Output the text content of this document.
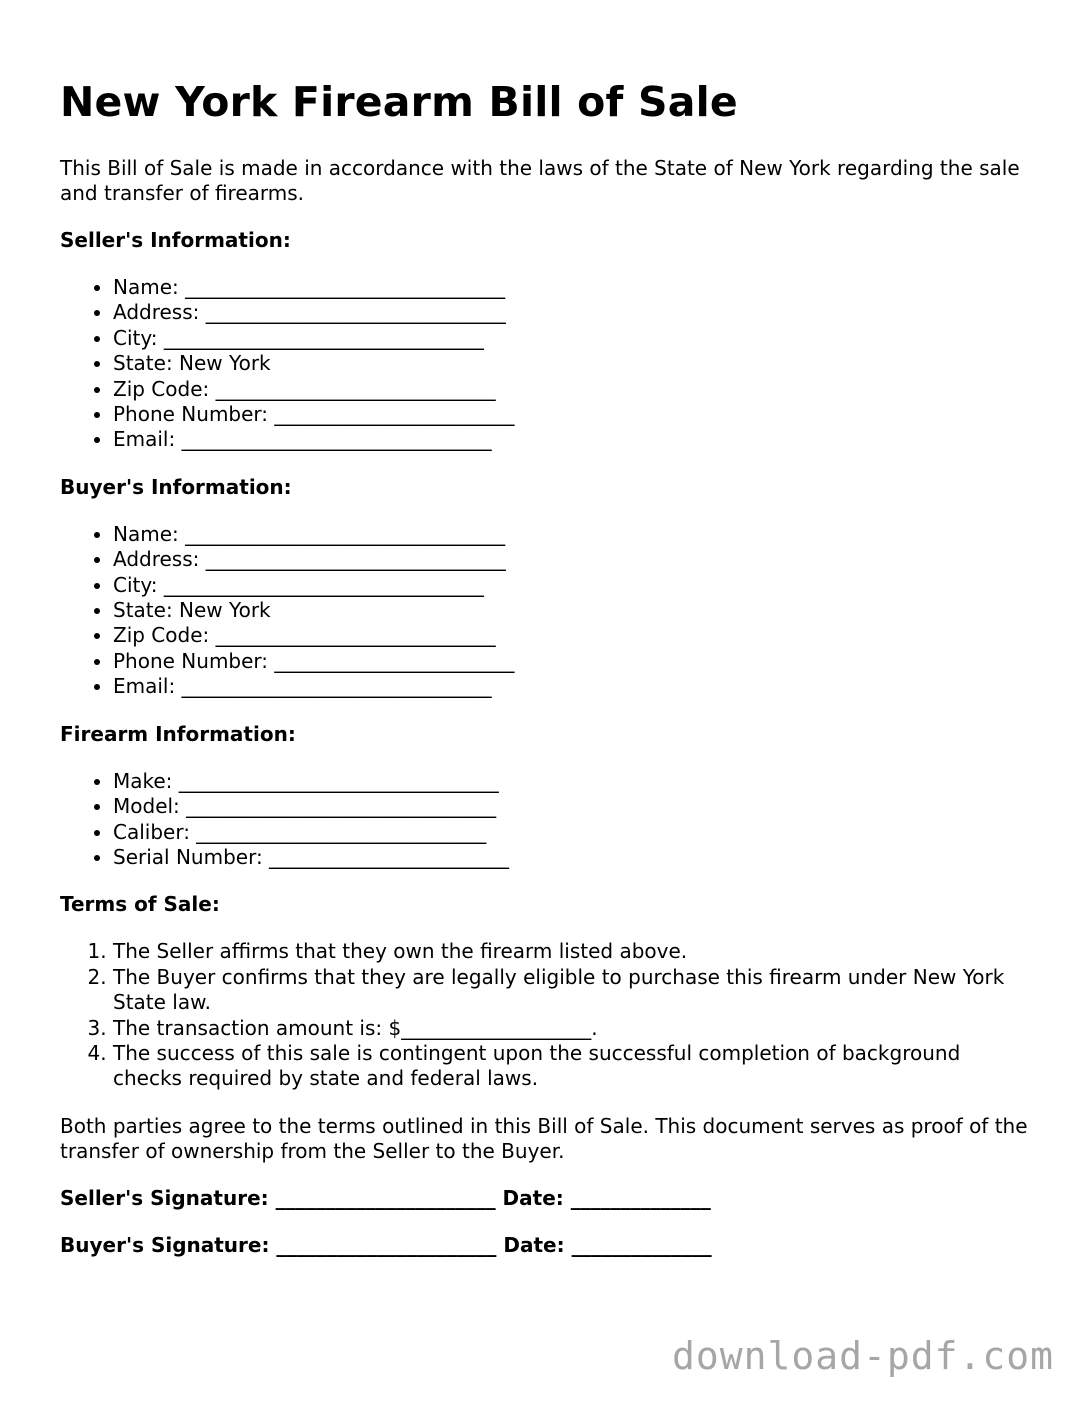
New York Firearm Bill of Sale

This Bill of Sale is made in accordance with the laws of the State of New York regarding the sale and transfer of firearms.

Seller's Information:
• Name: ________________________________
• Address: ______________________________
• City: ________________________________
• State: New York
• Zip Code: ____________________________
• Phone Number: ________________________
• Email: _______________________________
Buyer's Information:
• Name: ________________________________
• Address: ______________________________
• City: ________________________________
• State: New York
• Zip Code: ____________________________
• Phone Number: ________________________
• Email: _______________________________
Firearm Information:
• Make: ________________________________
• Model: _______________________________
• Caliber: _____________________________
• Serial Number: ________________________
Terms of Sale:
1. The Seller affirms that they own the firearm listed above.
2. The Buyer confirms that they are legally eligible to purchase this firearm under New York State law.
3. The transaction amount is: $___________________.
4. The success of this sale is contingent upon the successful completion of background checks required by state and federal laws.

Both parties agree to the terms outlined in this Bill of Sale. This document serves as proof of the transfer of ownership from the Seller to the Buyer.

Seller's Signature: ______________________ Date: ______________
Buyer's Signature: ______________________ Date: ______________
download-pdf.com
